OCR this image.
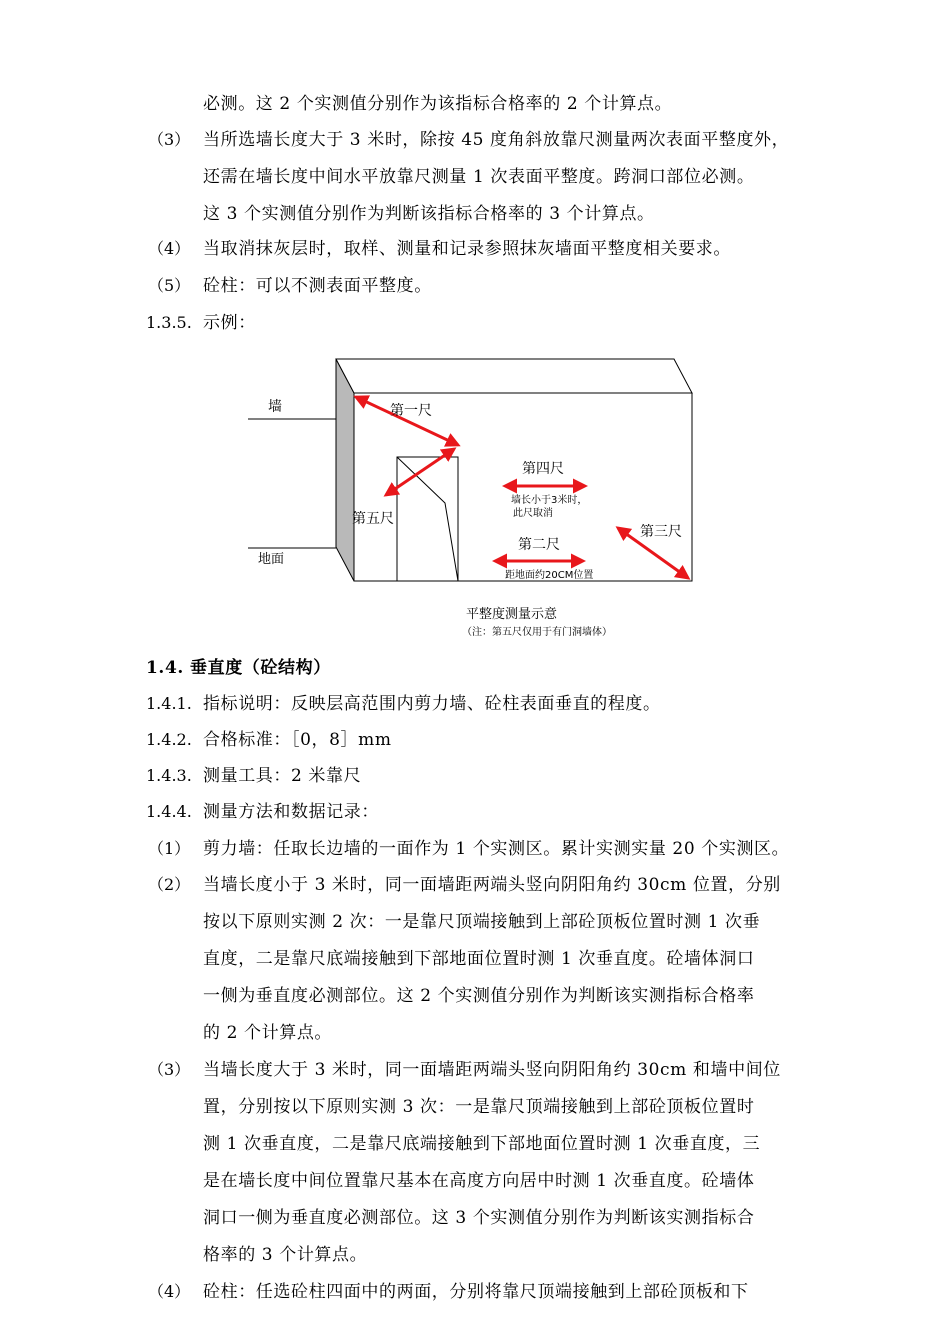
必测。这 2 个实测值分别作为该指标合格率的 2 个计算点。
（3） 当所选墙长度大于 3 米时，除按 45 度角斜放靠尺测量两次表面平整度外，
还需在墙长度中间水平放靠尺测量 1 次表面平整度。跨洞口部位必测。
这 3 个实测值分别作为判断该指标合格率的 3 个计算点。
（4） 当取消抹灰层时，取样、测量和记录参照抹灰墙面平整度相关要求。
（5） 砼柱：可以不测表面平整度。
1.3.5. 示例：
墙
地面
第一尺
第五尺
第四尺
墙长小于3米时，
此尺取消
第二尺
距地面约20CM位置
第三尺
平整度测量示意
（注：第五尺仅用于有门洞墙体）
1.4. 垂直度（砼结构）
1.4.1. 指标说明：反映层高范围内剪力墙、砼柱表面垂直的程度。
1.4.2. 合格标准：［0，8］mm
1.4.3. 测量工具：2 米靠尺
1.4.4. 测量方法和数据记录：
（1） 剪力墙：任取长边墙的一面作为 1 个实测区。累计实测实量 20 个实测区。
（2） 当墙长度小于 3 米时，同一面墙距两端头竖向阴阳角约 30cm 位置，分别
按以下原则实测 2 次：一是靠尺顶端接触到上部砼顶板位置时测 1 次垂
直度，二是靠尺底端接触到下部地面位置时测 1 次垂直度。砼墙体洞口
一侧为垂直度必测部位。这 2 个实测值分别作为判断该实测指标合格率
的 2 个计算点。
（3） 当墙长度大于 3 米时，同一面墙距两端头竖向阴阳角约 30cm 和墙中间位
置，分别按以下原则实测 3 次：一是靠尺顶端接触到上部砼顶板位置时
测 1 次垂直度，二是靠尺底端接触到下部地面位置时测 1 次垂直度，三
是在墙长度中间位置靠尺基本在高度方向居中时测 1 次垂直度。砼墙体
洞口一侧为垂直度必测部位。这 3 个实测值分别作为判断该实测指标合
格率的 3 个计算点。
（4） 砼柱：任选砼柱四面中的两面，分别将靠尺顶端接触到上部砼顶板和下
